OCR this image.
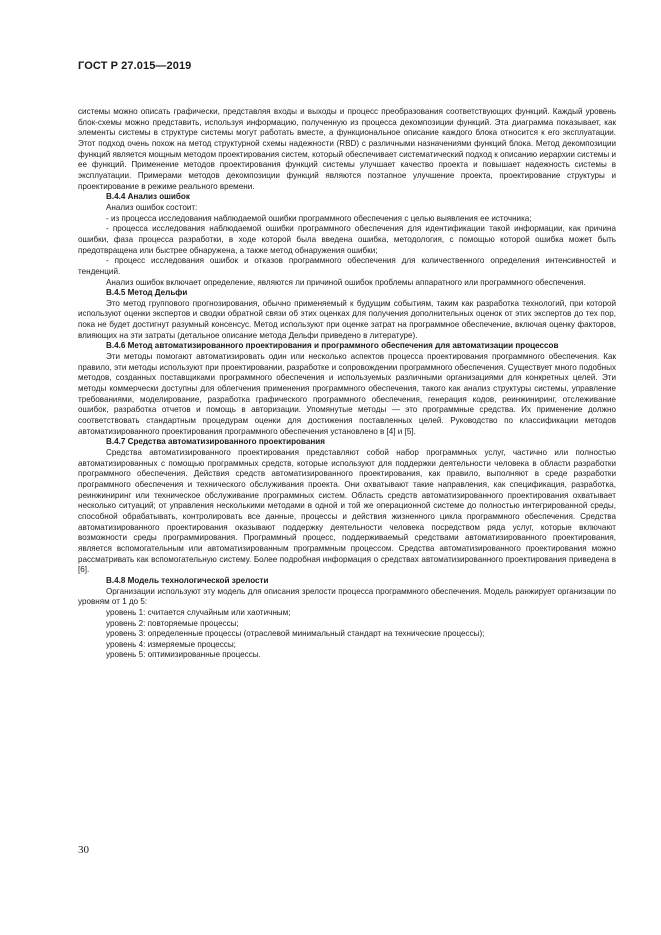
ГОСТ Р 27.015—2019

системы можно описать графически, представляя входы и выходы и процесс преобразования соответствующих функций. Каждый уровень блок-схемы можно представить, используя информацию, полученную из процесса декомпозиции функций. Эта диаграмма показывает, как элементы системы в структуре системы могут работать вместе, а функциональное описание каждого блока относится к его эксплуатации. Этот подход очень похож на метод структурной схемы надежности (RBD) с различными назначениями функций блока. Метод декомпозиции функций является мощным методом проектирования систем, который обеспечивает систематический подход к описанию иерархии системы и ее функций. Применение методов проектирования функций системы улучшает качество проекта и повышает надежность системы в эксплуатации. Примерами методов декомпозиции функций являются поэтапное улучшение проекта, проектирование структуры и проектирование в режиме реального времени.

В.4.4 Анализ ошибок

Анализ ошибок состоит:

- из процесса исследования наблюдаемой ошибки программного обеспечения с целью выявления ее источника;

- процесса исследования наблюдаемой ошибки программного обеспечения для идентификации такой информации, как причина ошибки, фаза процесса разработки, в ходе которой была введена ошибка, методология, с помощью которой ошибка может быть предотвращена или быстрее обнаружена, а также метод обнаружения ошибки;

- процесс исследования ошибок и отказов программного обеспечения для количественного определения интенсивностей и тенденций.

Анализ ошибок включает определение, являются ли причиной ошибок проблемы аппаратного или программного обеспечения.

В.4.5 Метод Дельфи

Это метод группового прогнозирования, обычно применяемый к будущим событиям, таким как разработка технологий, при которой используют оценки экспертов и сводки обратной связи об этих оценках для получения дополнительных оценок от этих экспертов до тех пор, пока не будет достигнут разумный консенсус. Метод используют при оценке затрат на программное обеспечение, включая оценку факторов, влияющих на эти затраты (детальное описание метода Дельфи приведено в литературе).

В.4.6 Метод автоматизированного проектирования и программного обеспечения для автоматизации процессов

Эти методы помогают автоматизировать один или несколько аспектов процесса проектирования программного обеспечения. Как правило, эти методы используют при проектировании, разработке и сопровождении программного обеспечения. Существует много подобных методов, созданных поставщиками программного обеспечения и используемых различными организациями для конкретных целей. Эти методы коммерчески доступны для облегчения применения программного обеспечения, такого как анализ структуры системы, управление требованиями, моделирование, разработка графического программного обеспечения, генерация кодов, реинжиниринг, отслеживание ошибок, разработка отчетов и помощь в авторизации. Упомянутые методы — это программные средства. Их применение должно соответствовать стандартным процедурам оценки для достижения поставленных целей. Руководство по классификации методов автоматизированного проектирования программного обеспечения установлено в [4] и [5].

В.4.7 Средства автоматизированного проектирования

Средства автоматизированного проектирования представляют собой набор программных услуг, частично или полностью автоматизированных с помощью программных средств, которые используют для поддержки деятельности человека в области разработки программного обеспечения. Действия средств автоматизированного проектирования, как правило, выполняют в среде разработки программного обеспечения и технического обслуживания проекта. Они охватывают такие направления, как спецификация, разработка, реинжиниринг или техническое обслуживание программных систем. Область средств автоматизированного проектирования охватывает несколько ситуаций; от управления несколькими методами в одной и той же операционной системе до полностью интегрированной среды, способной обрабатывать, контролировать все данные, процессы и действия жизненного цикла программного обеспечения. Средства автоматизированного проектирования оказывают поддержку деятельности человека посредством ряда услуг, которые включают возможности среды программирования. Программный процесс, поддерживаемый средствами автоматизированного проектирования, является вспомогательным или автоматизированным программным процессом. Средства автоматизированного проектирования можно рассматривать как вспомогательную систему. Более подробная информация о средствах автоматизированного проектирования приведена в [6].

В.4.8 Модель технологической зрелости

Организации используют эту модель для описания зрелости процесса программного обеспечения. Модель ранжирует организации по уровням от 1 до 5:

уровень 1: считается случайным или хаотичным;

уровень 2: повторяемые процессы;

уровень 3: определенные процессы (отраслевой минимальный стандарт на технические процессы);

уровень 4: измеряемые процессы;

уровень 5: оптимизированные процессы.

30
